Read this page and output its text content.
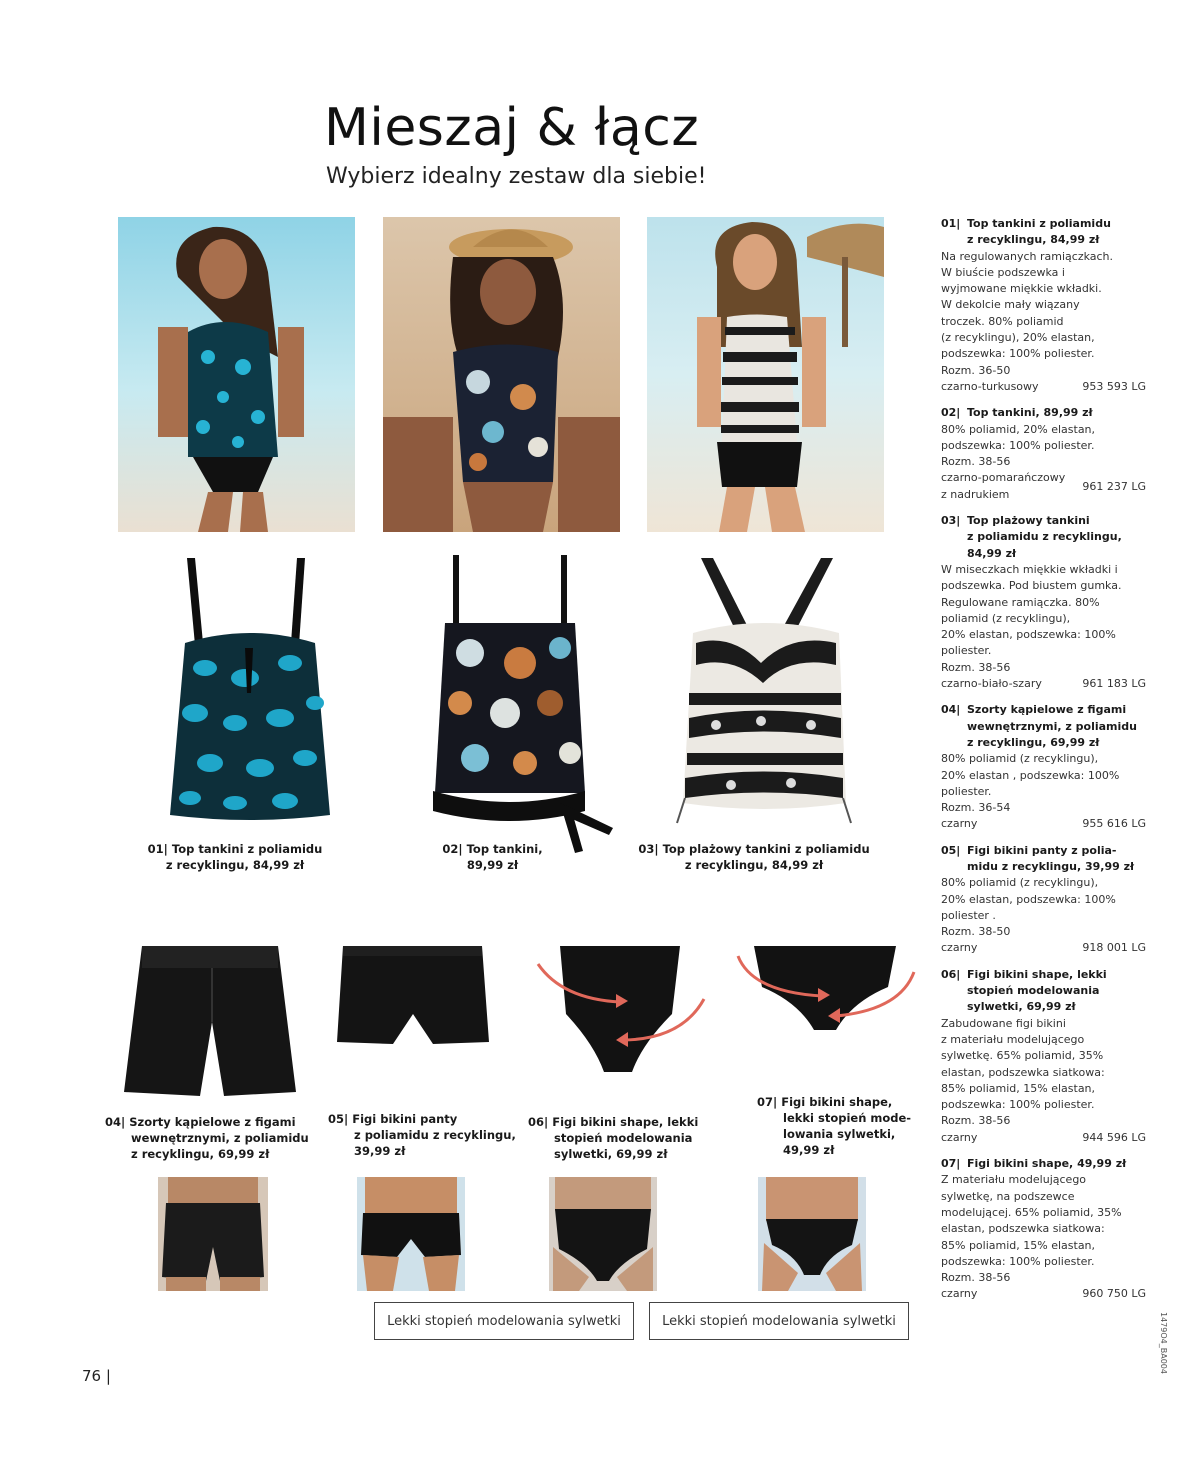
Mieszaj & łącz
Wybierz idealny zestaw dla siebie!
01| Top tankini z poliamidu
z recyklingu, 84,99 zł
02| Top tankini,
89,99 zł
03| Top plażowy tankini z poliamidu
z recyklingu, 84,99 zł
04| Szorty kąpielowe z figami
wewnętrznymi, z poliamidu
z recyklingu, 69,99 zł
05| Figi bikini panty
z poliamidu z recyklingu,
39,99 zł
06| Figi bikini shape, lekki
stopień modelowania
sylwetki, 69,99 zł
07| Figi bikini shape,
lekki stopień mode-
lowania sylwetki,
49,99 zł
Lekki stopień modelowania sylwetki	Lekki stopień modelowania sylwetki
76 |
1479O4_BA004
01| Top tankini z poliamidu
z recyklingu, 84,99 zł
Na regulowanych ramiączkach.
W biuście podszewka i
wyjmowane miękkie wkładki.
W dekolcie mały wiązany
troczek. 80% poliamid
(z recyklingu), 20% elastan,
podszewka: 100% poliester.
Rozm. 36-50
czarno-turkusowy	953 593 LG
02| Top tankini, 89,99 zł
80% poliamid, 20% elastan,
podszewka: 100% poliester.
Rozm. 38-56
czarno-pomarańczowy
z nadrukiem
961 237 LG
03| Top plażowy tankini
z poliamidu z recyklingu,
84,99 zł
W miseczkach miękkie wkładki i
podszewka. Pod biustem gumka.
Regulowane ramiączka. 80%
poliamid (z recyklingu),
20% elastan, podszewka: 100%
poliester.
Rozm. 38-56
czarno-biało-szary	961 183 LG
04| Szorty kąpielowe z figami
wewnętrznymi, z poliamidu
z recyklingu, 69,99 zł
80% poliamid (z recyklingu),
20% elastan , podszewka: 100%
poliester.
Rozm. 36-54
czarny	955 616 LG
05| Figi bikini panty z polia-
midu z recyklingu, 39,99 zł
80% poliamid (z recyklingu),
20% elastan, podszewka: 100%
poliester .
Rozm. 38-50
czarny	918 001 LG
06| Figi bikini shape, lekki
stopień modelowania
sylwetki, 69,99 zł
Zabudowane figi bikini
z materiału modelującego
sylwetkę. 65% poliamid, 35%
elastan, podszewka siatkowa:
85% poliamid, 15% elastan,
podszewka: 100% poliester.
Rozm. 38-56
czarny	944 596 LG
07| Figi bikini shape, 49,99 zł
Z materiału modelującego
sylwetkę, na podszewce
modelującej. 65% poliamid, 35%
elastan, podszewka siatkowa:
85% poliamid, 15% elastan,
podszewka: 100% poliester.
Rozm. 38-56
czarny	960 750 LG
